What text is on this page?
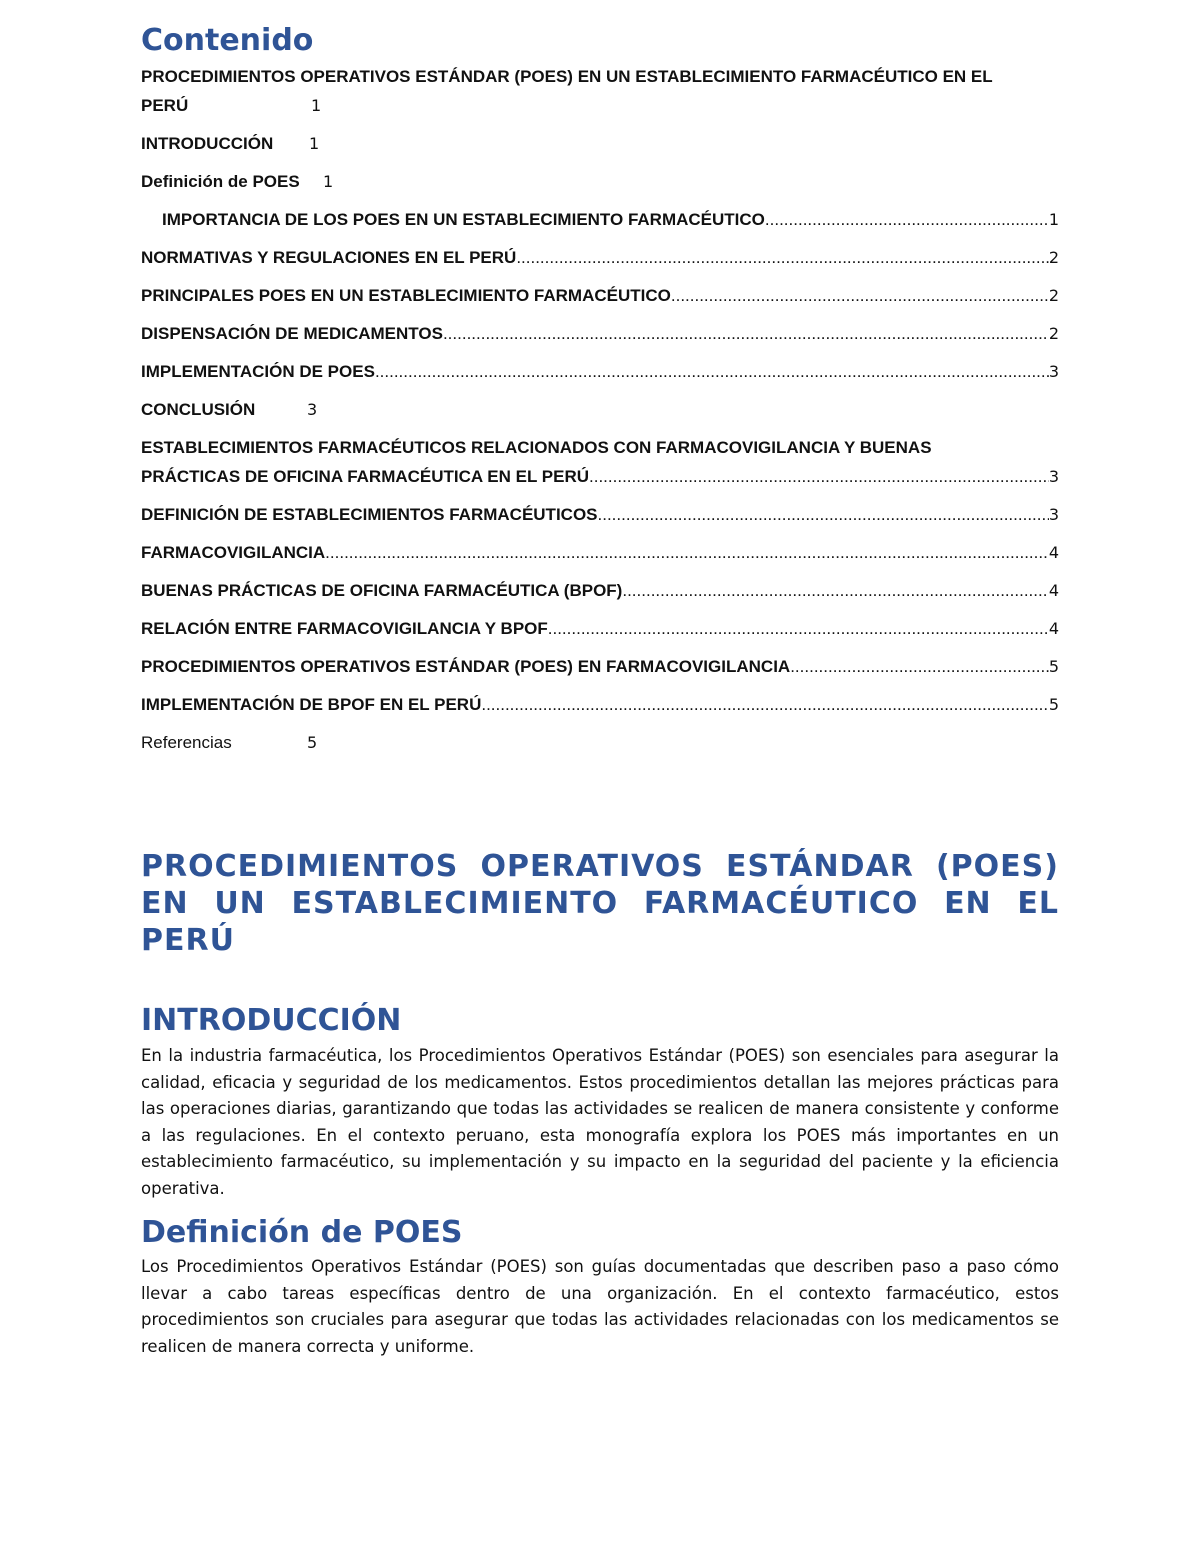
Contenido
PROCEDIMIENTOS OPERATIVOS ESTÁNDAR (POES) EN UN ESTABLECIMIENTO FARMACÉUTICO EN EL
PERÚ	1
INTRODUCCIÓN	1
Definición de POES	1
IMPORTANCIA DE LOS POES EN UN ESTABLECIMIENTO FARMACÉUTICO .....	1
NORMATIVAS Y REGULACIONES EN EL PERÚ .....	2
PRINCIPALES POES EN UN ESTABLECIMIENTO FARMACÉUTICO .....	2
DISPENSACIÓN DE MEDICAMENTOS .....	2
IMPLEMENTACIÓN DE POES .....	3
CONCLUSIÓN	3
ESTABLECIMIENTOS FARMACÉUTICOS RELACIONADOS CON FARMACOVIGILANCIA Y BUENAS
PRÁCTICAS DE OFICINA FARMACÉUTICA EN EL PERÚ .....	3
DEFINICIÓN DE ESTABLECIMIENTOS FARMACÉUTICOS .....	3
FARMACOVIGILANCIA .....	4
BUENAS PRÁCTICAS DE OFICINA FARMACÉUTICA (BPOF) .....	4
RELACIÓN ENTRE FARMACOVIGILANCIA Y BPOF .....	4
PROCEDIMIENTOS OPERATIVOS ESTÁNDAR (POES) EN FARMACOVIGILANCIA .....	5
IMPLEMENTACIÓN DE BPOF EN EL PERÚ .....	5
Referencias	5
PROCEDIMIENTOS OPERATIVOS ESTÁNDAR (POES) EN UN ESTABLECIMIENTO FARMACÉUTICO EN EL PERÚ
INTRODUCCIÓN

En la industria farmacéutica, los Procedimientos Operativos Estándar (POES) son esenciales para asegurar la calidad, eficacia y seguridad de los medicamentos. Estos procedimientos detallan las mejores prácticas para las operaciones diarias, garantizando que todas las actividades se realicen de manera consistente y conforme a las regulaciones. En el contexto peruano, esta monografía explora los POES más importantes en un establecimiento farmacéutico, su implementación y su impacto en la seguridad del paciente y la eficiencia operativa.

Definición de POES

Los Procedimientos Operativos Estándar (POES) son guías documentadas que describen paso a paso cómo llevar a cabo tareas específicas dentro de una organización. En el contexto farmacéutico, estos procedimientos son cruciales para asegurar que todas las actividades relacionadas con los medicamentos se realicen de manera correcta y uniforme.
